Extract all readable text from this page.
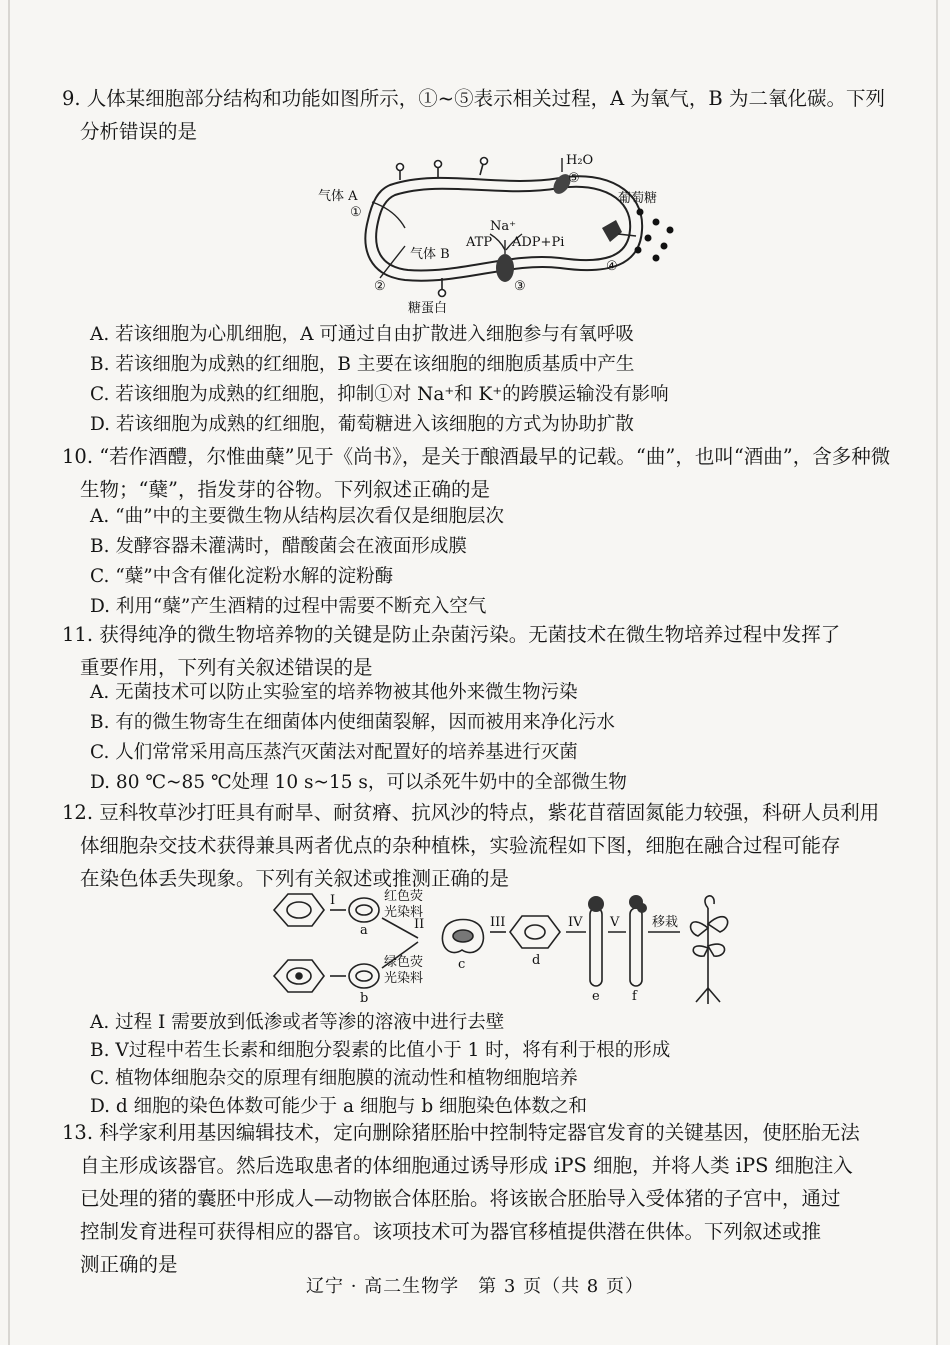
9. 人体某细胞部分结构和功能如图所示，①~⑤表示相关过程，A 为氧气，B 为二氧化碳。下列
分析错误的是
H₂O
⑤
气体 A
①
葡萄糖
Na⁺
ATP ADP+Pi
气体 B
④
②	③
糖蛋白
A. 若该细胞为心肌细胞，A 可通过自由扩散进入细胞参与有氧呼吸
B. 若该细胞为成熟的红细胞，B 主要在该细胞的细胞质基质中产生
C. 若该细胞为成熟的红细胞，抑制①对 Na⁺和 K⁺的跨膜运输没有影响
D. 若该细胞为成熟的红细胞，葡萄糖进入该细胞的方式为协助扩散
10. “若作酒醴，尔惟曲蘖”见于《尚书》，是关于酿酒最早的记载。“曲”，也叫“酒曲”，含多种微
生物；“蘖”，指发芽的谷物。下列叙述正确的是
A. “曲”中的主要微生物从结构层次看仅是细胞层次
B. 发酵容器未灌满时，醋酸菌会在液面形成膜
C. “蘖”中含有催化淀粉水解的淀粉酶
D. 利用“蘖”产生酒精的过程中需要不断充入空气
11. 获得纯净的微生物培养物的关键是防止杂菌污染。无菌技术在微生物培养过程中发挥了
重要作用，下列有关叙述错误的是
A. 无菌技术可以防止实验室的培养物被其他外来微生物污染
B. 有的微生物寄生在细菌体内使细菌裂解，因而被用来净化污水
C. 人们常常采用高压蒸汽灭菌法对配置好的培养基进行灭菌
D. 80 ℃~85 ℃处理 10 s~15 s，可以杀死牛奶中的全部微生物
12. 豆科牧草沙打旺具有耐旱、耐贫瘠、抗风沙的特点，紫花苜蓿固氮能力较强，科研人员利用
体细胞杂交技术获得兼具两者优点的杂种植株，实验流程如下图，细胞在融合过程可能存
在染色体丢失现象。下列有关叙述或推测正确的是
I
II	III	IV V	移栽
红色荧
光染料
绿色荧
光染料
a
b
c	d
e f
A. 过程 I 需要放到低渗或者等渗的溶液中进行去壁
B. V过程中若生长素和细胞分裂素的比值小于 1 时，将有利于根的形成
C. 植物体细胞杂交的原理有细胞膜的流动性和植物细胞培养
D. d 细胞的染色体数可能少于 a 细胞与 b 细胞染色体数之和
13. 科学家利用基因编辑技术，定向删除猪胚胎中控制特定器官发育的关键基因，使胚胎无法
自主形成该器官。然后选取患者的体细胞通过诱导形成 iPS 细胞，并将人类 iPS 细胞注入
已处理的猪的囊胚中形成人—动物嵌合体胚胎。将该嵌合胚胎导入受体猪的子宫中，通过
控制发育进程可获得相应的器官。该项技术可为器官移植提供潜在供体。下列叙述或推
测正确的是
辽宁 · 高二生物学　第 3 页（共 8 页）
